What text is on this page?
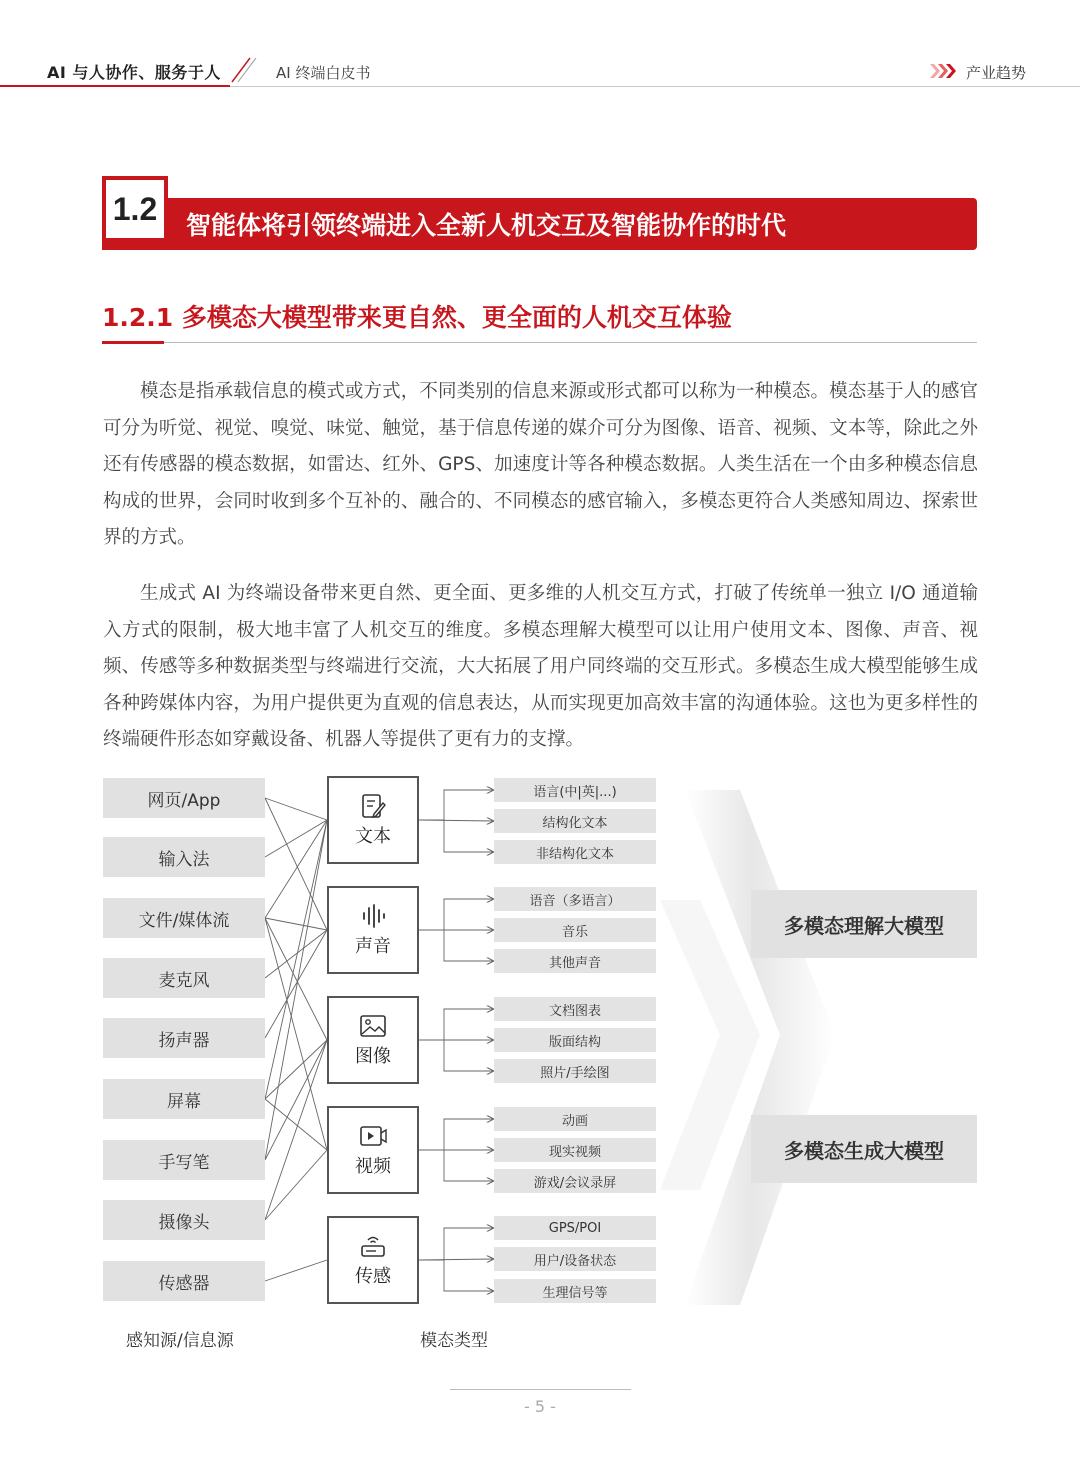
AI 与人协作、服务于人	AI 终端白皮书	产业趋势
1.2 智能体将引领终端进入全新人机交互及智能协作的时代
1.2.1 多模态大模型带来更自然、更全面的人机交互体验

模态是指承载信息的模式或方式，不同类别的信息来源或形式都可以称为一种模态。模态基于人的感官可分为听觉、视觉、嗅觉、味觉、触觉，基于信息传递的媒介可分为图像、语音、视频、文本等，除此之外还有传感器的模态数据，如雷达、红外、GPS、加速度计等各种模态数据。人类生活在一个由多种模态信息构成的世界，会同时收到多个互补的、融合的、不同模态的感官输入，多模态更符合人类感知周边、探索世界的方式。

生成式 AI 为终端设备带来更自然、更全面、更多维的人机交互方式，打破了传统单一独立 I/O 通道输入方式的限制，极大地丰富了人机交互的维度。多模态理解大模型可以让用户使用文本、图像、声音、视频、传感等多种数据类型与终端进行交流，大大拓展了用户同终端的交互形式。多模态生成大模型能够生成各种跨媒体内容，为用户提供更为直观的信息表达，从而实现更加高效丰富的沟通体验。这也为更多样性的终端硬件形态如穿戴设备、机器人等提供了更有力的支撑。

网页/App
输入法
文件/媒体流
麦克风
扬声器
屏幕
手写笔
摄像头
传感器
文本
声音
图像
视频
传感
语言(中|英|...)
结构化文本
非结构化文本
语音（多语言）
音乐
其他声音
文档图表
版面结构
照片/手绘图
动画
现实视频
游戏/会议录屏
GPS/POI
用户/设备状态
生理信号等
多模态理解大模型
多模态生成大模型
感知源/信息源	模态类型
- 5 -
